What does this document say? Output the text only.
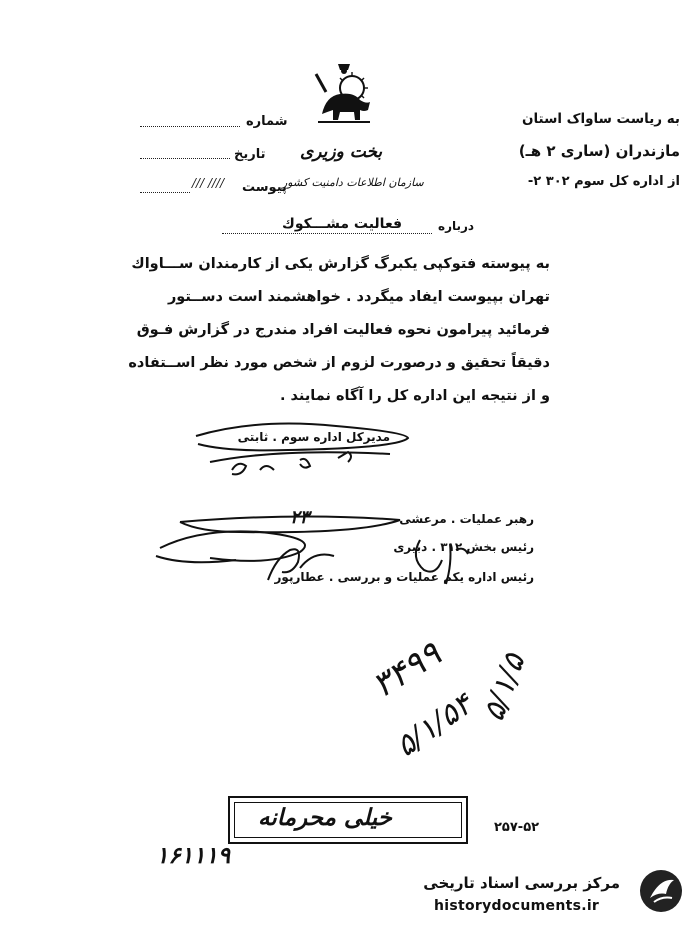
به ریاست ساواک استان
مازندران (ساری ۲ هـ)
از اداره کل سوم ۳۰۲ ۲-
بخت وزیری
سازمان اطلاعات دامنیت کشور
شماره
تاریخ
پیوست
/// ////
درباره
فعالیت مشـــکوك
به پیوسته فتوکپی یکبرگ گزارش یکی از کارمندان ســـاواك
تهران بپیوست ایفاد میگردد . خواهشمند است دســتور
فرمائید پیرامون نحوه فعالیت افراد مندرج در گزارش فـوق
دقیقاً تحقیق و درصورت لزوم از شخص مورد نظر اســتفاده
و از نتیجه این اداره کل را آگاه نمایند .
مدیرکل اداره سوم . ثابتی
رهبر عملیات . مرعشی
۲۳
رئیس بخش ۳۱۲ . دبیری
رئیس اداره یکم عملیات و بررسی . عطارپور
۳۴۹۹ ۵/۱/۵
۵/۱/۵۴
خیلی محرمانه	۲۵۷-۵۲
۱۶۱۱۱۹
مرکز بررسی اسناد تاریخی
historydocuments.ir
